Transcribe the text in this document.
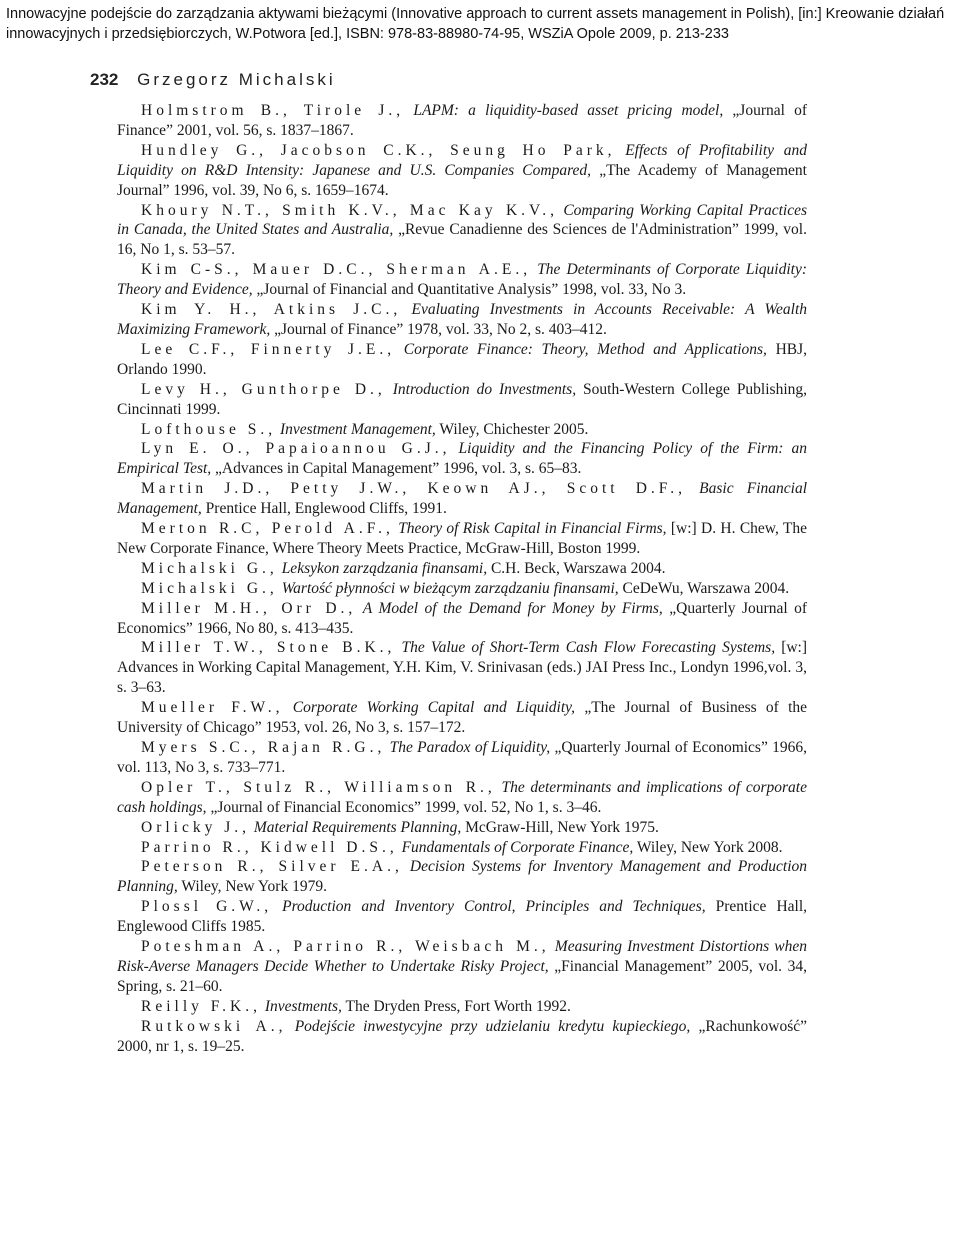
Innowacyjne podejście do zarządzania aktywami bieżącymi (Innovative approach to current assets management in Polish), [in:] Kreowanie działań innowacyjnych i przedsiębiorczych, W.Potwora [ed.], ISBN: 978-83-88980-74-95, WSZiA Opole 2009, p. 213-233
232 Grzegorz Michalski

Holmstrom B., Tirole J., LAPM: a liquidity-based asset pricing model, „Journal of Finance” 2001, vol. 56, s. 1837–1867.

Hundley G., Jacobson C.K., Seung Ho Park, Effects of Profitability and Liquidity on R&D Intensity: Japanese and U.S. Companies Compared, „The Academy of Management Journal” 1996, vol. 39, No 6, s. 1659–1674.

Khoury N.T., Smith K.V., Mac Kay K.V., Comparing Working Capital Practices in Canada, the United States and Australia, „Revue Canadienne des Sciences de l'Administration” 1999, vol. 16, No 1, s. 53–57.

Kim C-S., Mauer D.C., Sherman A.E., The Determinants of Corporate Liquidity: Theory and Evidence, „Journal of Financial and Quantitative Analysis” 1998, vol. 33, No 3.

Kim Y. H., Atkins J.C., Evaluating Investments in Accounts Receivable: A Wealth Maximizing Framework, „Journal of Finance” 1978, vol. 33, No 2, s. 403–412.

Lee C.F., Finnerty J.E., Corporate Finance: Theory, Method and Applications, HBJ, Orlando 1990.

Levy H., Gunthorpe D., Introduction do Investments, South-Western College Publishing, Cincinnati 1999.

Lofthouse S., Investment Management, Wiley, Chichester 2005.

Lyn E. O., Papaioannou G.J., Liquidity and the Financing Policy of the Firm: an Empirical Test, „Advances in Capital Management” 1996, vol. 3, s. 65–83.

Martin J.D., Petty J.W., Keown AJ., Scott D.F., Basic Financial Management, Prentice Hall, Englewood Cliffs, 1991.

Merton R.C, Perold A.F., Theory of Risk Capital in Financial Firms, [w:] D. H. Chew, The New Corporate Finance, Where Theory Meets Practice, McGraw-Hill, Boston 1999.

Michalski G., Leksykon zarządzania finansami, C.H. Beck, Warszawa 2004.

Michalski G., Wartość płynności w bieżącym zarządzaniu finansami, CeDeWu, Warszawa 2004.

Miller M.H., Orr D., A Model of the Demand for Money by Firms, „Quarterly Journal of Economics” 1966, No 80, s. 413–435.

Miller T.W., Stone B.K., The Value of Short-Term Cash Flow Forecasting Systems, [w:] Advances in Working Capital Management, Y.H. Kim, V. Srinivasan (eds.) JAI Press Inc., Londyn 1996,vol. 3, s. 3–63.

Mueller F.W., Corporate Working Capital and Liquidity, „The Journal of Business of the University of Chicago” 1953, vol. 26, No 3, s. 157–172.

Myers S.C., Rajan R.G., The Paradox of Liquidity, „Quarterly Journal of Economics” 1966, vol. 113, No 3, s. 733–771.

Opler T., Stulz R., Williamson R., The determinants and implications of corporate cash holdings, „Journal of Financial Economics” 1999, vol. 52, No 1, s. 3–46.

Orlicky J., Material Requirements Planning, McGraw-Hill, New York 1975.

Parrino R., Kidwell D.S., Fundamentals of Corporate Finance, Wiley, New York 2008.

Peterson R., Silver E.A., Decision Systems for Inventory Management and Production Planning, Wiley, New York 1979.

Plossl G.W., Production and Inventory Control, Principles and Techniques, Prentice Hall, Englewood Cliffs 1985.

Poteshman A., Parrino R., Weisbach M., Measuring Investment Distortions when Risk-Averse Managers Decide Whether to Undertake Risky Project, „Financial Management” 2005, vol. 34, Spring, s. 21–60.

Reilly F.K., Investments, The Dryden Press, Fort Worth 1992.

Rutkowski A., Podejście inwestycyjne przy udzielaniu kredytu kupieckiego, „Rachunkowość” 2000, nr 1, s. 19–25.
